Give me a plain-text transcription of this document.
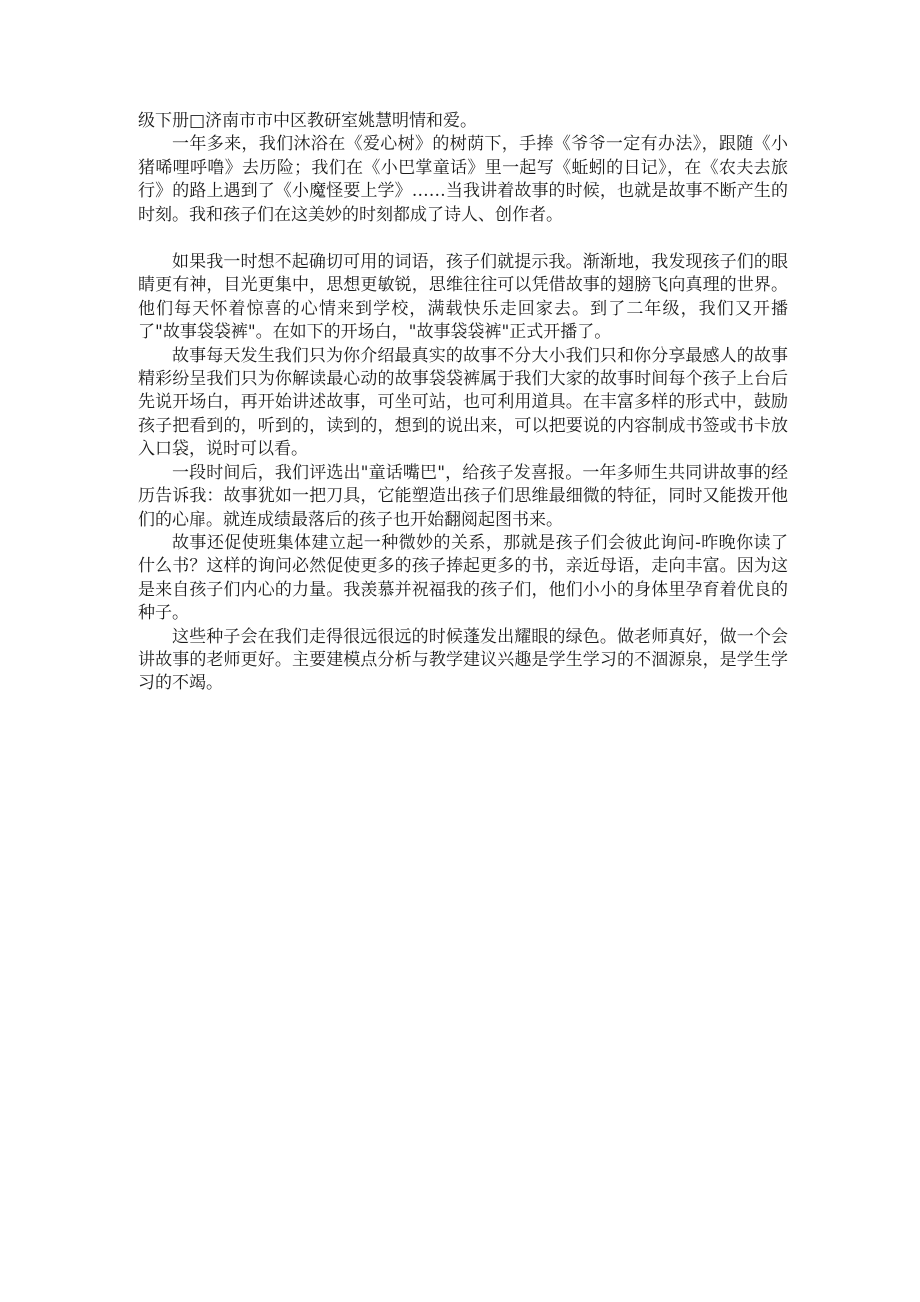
级下册□济南市市中区教研室姚慧明情和爱。

一年多来，我们沐浴在《爱心树》的树荫下，手捧《爷爷一定有办法》，跟随《小猪唏哩呼噜》去历险；我们在《小巴掌童话》里一起写《蚯蚓的日记》，在《农夫去旅行》的路上遇到了《小魔怪要上学》……当我讲着故事的时候，也就是故事不断产生的时刻。我和孩子们在这美妙的时刻都成了诗人、创作者。

如果我一时想不起确切可用的词语，孩子们就提示我。渐渐地，我发现孩子们的眼睛更有神，目光更集中，思想更敏锐，思维往往可以凭借故事的翅膀飞向真理的世界。他们每天怀着惊喜的心情来到学校，满载快乐走回家去。到了二年级，我们又开播了"故事袋袋裤"。在如下的开场白，"故事袋袋裤"正式开播了。

故事每天发生我们只为你介绍最真实的故事不分大小我们只和你分享最感人的故事精彩纷呈我们只为你解读最心动的故事袋袋裤属于我们大家的故事时间每个孩子上台后先说开场白，再开始讲述故事，可坐可站，也可利用道具。在丰富多样的形式中，鼓励孩子把看到的，听到的，读到的，想到的说出来，可以把要说的内容制成书签或书卡放入口袋，说时可以看。

一段时间后，我们评选出"童话嘴巴"，给孩子发喜报。一年多师生共同讲故事的经历告诉我：故事犹如一把刀具，它能塑造出孩子们思维最细微的特征，同时又能拨开他们的心扉。就连成绩最落后的孩子也开始翻阅起图书来。

故事还促使班集体建立起一种微妙的关系，那就是孩子们会彼此询问-昨晚你读了什么书？这样的询问必然促使更多的孩子捧起更多的书，亲近母语，走向丰富。因为这是来自孩子们内心的力量。我羡慕并祝福我的孩子们，他们小小的身体里孕育着优良的种子。

这些种子会在我们走得很远很远的时候蓬发出耀眼的绿色。做老师真好，做一个会讲故事的老师更好。主要建模点分析与教学建议兴趣是学生学习的不涸源泉，是学生学习的不竭。
